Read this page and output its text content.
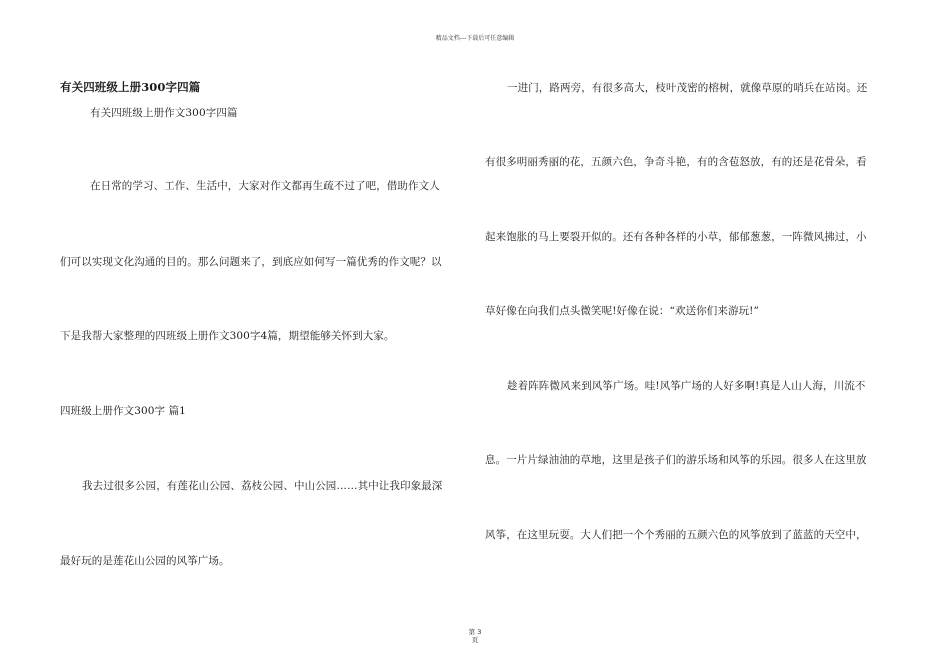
精品文档---下载后可任意编辑
有关四班级上册300字四篇
有关四班级上册作文300字四篇
在日常的学习、工作、生活中，大家对作文都再生疏不过了吧，借助作文人
们可以实现文化沟通的目的。那么问题来了，到底应如何写一篇优秀的作文呢？以
下是我帮大家整理的四班级上册作文300字4篇，期望能够关怀到大家。
四班级上册作文300字 篇1
我去过很多公园，有莲花山公园、荔枝公园、中山公园……其中让我印象最深
最好玩的是莲花山公园的风筝广场。
一进门，路两旁，有很多高大，枝叶茂密的榕树，就像草原的哨兵在站岗。还
有很多明丽秀丽的花，五颜六色，争奇斗艳，有的含苞怒放，有的还是花骨朵，看
起来饱胀的马上要裂开似的。还有各种各样的小草，郁郁葱葱，一阵微风拂过，小
草好像在向我们点头微笑呢!好像在说：“欢送你们来游玩!”
趁着阵阵微风来到风筝广场。哇!风筝广场的人好多啊!真是人山人海，川流不
息。一片片绿油油的草地，这里是孩子们的游乐场和风筝的乐园。很多人在这里放
风筝，在这里玩耍。大人们把一个个秀丽的五颜六色的风筝放到了蓝蓝的天空中，
第 3
页
